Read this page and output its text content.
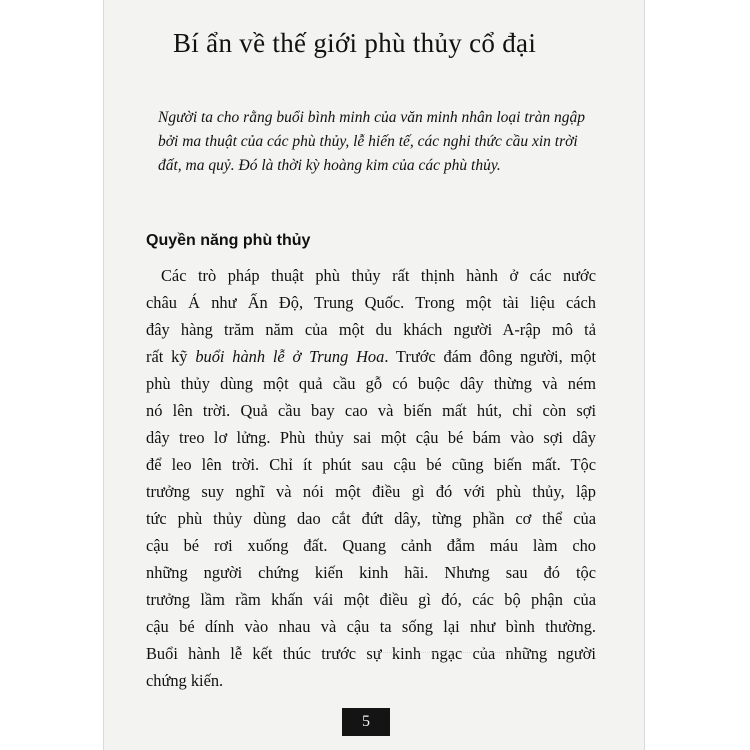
Bí ẩn về thế giới phù thủy cổ đại

Người ta cho rằng buổi bình minh của văn minh nhân loại tràn ngập bởi ma thuật của các phù thủy, lễ hiến tế, các nghi thức cầu xin trời đất, ma quỷ. Đó là thời kỳ hoàng kim của các phù thủy.

Quyền năng phù thủy

Các trò pháp thuật phù thủy rất thịnh hành ở các nước
châu Á như Ấn Độ, Trung Quốc. Trong một tài liệu cách
đây hàng trăm năm của một du khách người A-rập mô tả
rất kỹ buổi hành lễ ở Trung Hoa. Trước đám đông người, một
phù thủy dùng một quả cầu gỗ có buộc dây thừng và ném
nó lên trời. Quả cầu bay cao và biến mất hút, chỉ còn sợi
dây treo lơ lửng. Phù thủy sai một cậu bé bám vào sợi dây
để leo lên trời. Chỉ ít phút sau cậu bé cũng biến mất. Tộc
trưởng suy nghĩ và nói một điều gì đó với phù thủy, lập
tức phù thủy dùng dao cắt đứt dây, từng phần cơ thể của
cậu bé rơi xuống đất. Quang cảnh đẫm máu làm cho
những người chứng kiến kinh hãi. Nhưng sau đó tộc
trưởng lầm rầm khấn vái một điều gì đó, các bộ phận của
cậu bé dính vào nhau và cậu ta sống lại như bình thường.
Buổi hành lễ kết thúc trước sự kinh ngạc của những người
chứng kiến.

5
